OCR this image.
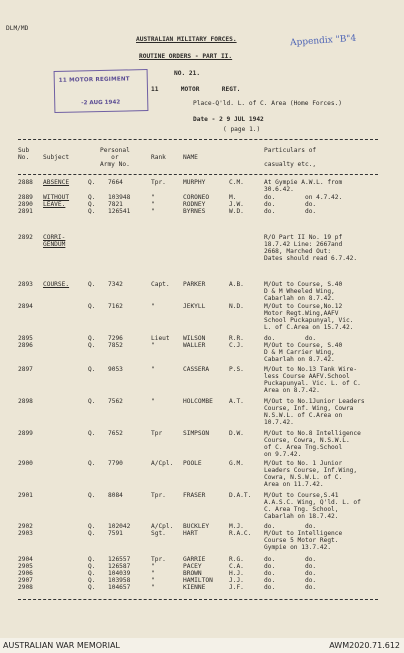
DLM/MD
Appendix "B"4
AUSTRALIAN MILITARY FORCES.
ROUTINE ORDERS - PART II.
NO. 21.
11      MOTOR      REGT.
Place-Q'ld. L. of C. Area (Home Forces.)
Date - 2 9 JUL 1942
( page 1.)
11 MOTOR REGIMENT
-2 AUG 1942
Sub
No. Subject
Personal
or
Army No.
Rank	NAME
Particulars of

casualty etc.,
2888 ABSENCE	Q. 7664	Tpr.	MURPHY	C.M.	At Gympie A.W.L. from
30.6.42.
2889 WITHOUT	Q. 103948	"	CORONEO	M.	do.        on 4.7.42.
2890 LEAVE.	Q. 7821	"	RODNEY	J.W.	do.        do.
2891	Q. 126541	"	BYRNES	W.D.	do.        do.
2892 CORRI-
GENDUM
R/O Part II No. 19 pf
18.7.42 Line: 2667and
2668, Marched Out:
Dates should read 6.7.42.
2893 COURSE.	Q. 7342	Capt. PARKER	A.B.	M/Out to Course, S.40
D & M Wheeled Wing,
Cabarlah on 8.7.42.
2894	Q. 7162	"	JEKYLL	N.D.	M/Out to Course,No.12
Motor Regt.Wing,AAFV
School Puckapunyal, Vic.
L. of C.Area on 15.7.42.
2895	Q. 7296	Lieut WILSON	R.R.	do.        do.
2896	Q. 7852	"	WALLER	C.J.	M/Out to Course, S.40
D & M Carrier Wing,
Cabarlah on 8.7.42.
2897	Q. 9053	"	CASSERA	P.S.	M/Out to No.13 Tank Wire-
less Course AAFV.School
Puckapunyal. Vic. L. of C.
Area on 8.7.42.
2898	Q. 7562	"	HOLCOMBE	A.T.	M/Out to No.1Junior Leaders
Course, Inf. Wing, Cowra
N.S.W.L. of C.Area on
10.7.42.
2899	Q. 7652	Tpr	SIMPSON	D.W.	M/Out to No.8 Intelligence
Course, Cowra, N.S.W.L.
of C. Area Tng.School
on 9.7.42.
2900	Q. 7790	A/Cpl. POOLE	G.M.	M/Out to No. 1 Junior
Leaders Course, Inf.Wing,
Cowra, N.S.W.L. of C.
Area on 11.7.42.
2901	Q. 8084	Tpr.	FRASER	D.A.T. M/Out to Course,S.41
A.A.S.C. Wing, Q'ld. L. of
C. Area Tng. School,
Cabarlah on 18.7.42.
2902	Q. 102042	A/Cpl. BUCKLEY	M.J.	do.        do.
2903	Q. 7591	Sgt.	HART	R.A.C. M/Out to Intelligence
Course 5 Motor Regt.
Gympie on 13.7.42.
2904	Q. 126557	Tpr.	GARRIE	R.G.	do.        do.
2905	Q. 126587	"	PACEY	C.A.	do.        do.
2906	Q. 104039	"	BROWN	H.J.	do.        do.
2907	Q. 103958	"	HAMILTON	J.J.	do.        do.
2908	Q. 104657	"	KIENNE	J.F.	do.        do.
AUSTRALIAN WAR MEMORIAL	AWM2020.71.612
